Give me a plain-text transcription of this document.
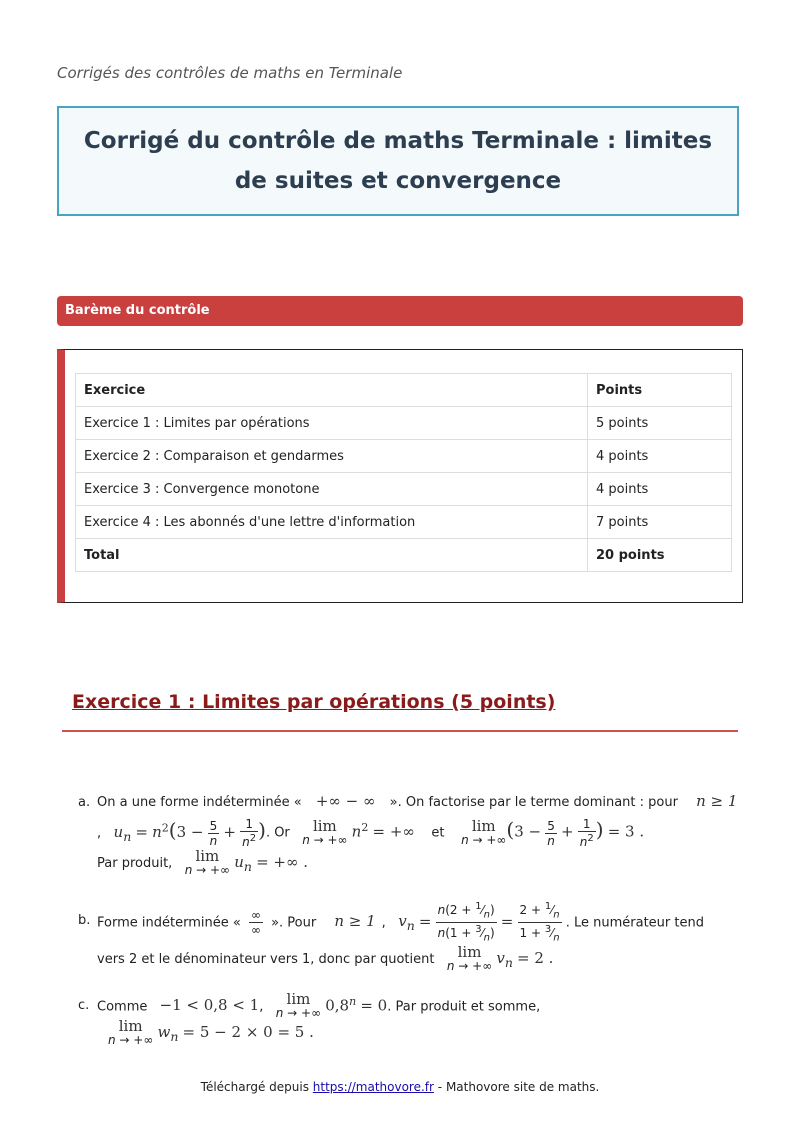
Corrigés des contrôles de maths en Terminale
Corrigé du contrôle de maths Terminale : limites de suites et convergence
Barème du contrôle
Exercice	Points
Exercice 1 : Limites par opérations	5 points
Exercice 2 : Comparaison et gendarmes	4 points
Exercice 3 : Convergence monotone	4 points
Exercice 4 : Les abonnés d'une lettre d'information	7 points
Total	20 points
Exercice 1 : Limites par opérations (5 points)
a. On a une forme indéterminée « +∞ − ∞ ». On factorise par le terme dominant : pour n ≥ 1
,   $u_n = n^2(3 - \frac{5}{n} + \frac{1}{n^2}$ ). Or lim
n → +∞ $n^2$ = +∞ et lim
n → +∞ ($3 - \frac{5}{n} + \frac{1}{n^2}$ ) = 3 .
Par produit, lim
n → +∞ $u_n$ = +∞ .
b. Forme indéterminée « $\frac{\infty}{\infty}$ ». Pour n ≥ 1 ,   $v_n = \frac{n(2 + ^1⁄_n)}{n(1 + ^3⁄_n)} = \frac{2 + ^1⁄_n}{1 + ^3⁄_n}$ . Le numérateur tend
vers 2 et le dénominateur vers 1, donc par quotient lim
n → +∞ $v_n = 2$ .
c. Comme −1 < 0,8 < 1,   lim
n → +∞ $0,8^n = 0$. Par produit et somme,
lim
n → +∞ $w_n = 5 - 2 \times 0 = 5$ .
Téléchargé depuis https://mathovore.fr - Mathovore site de maths.
